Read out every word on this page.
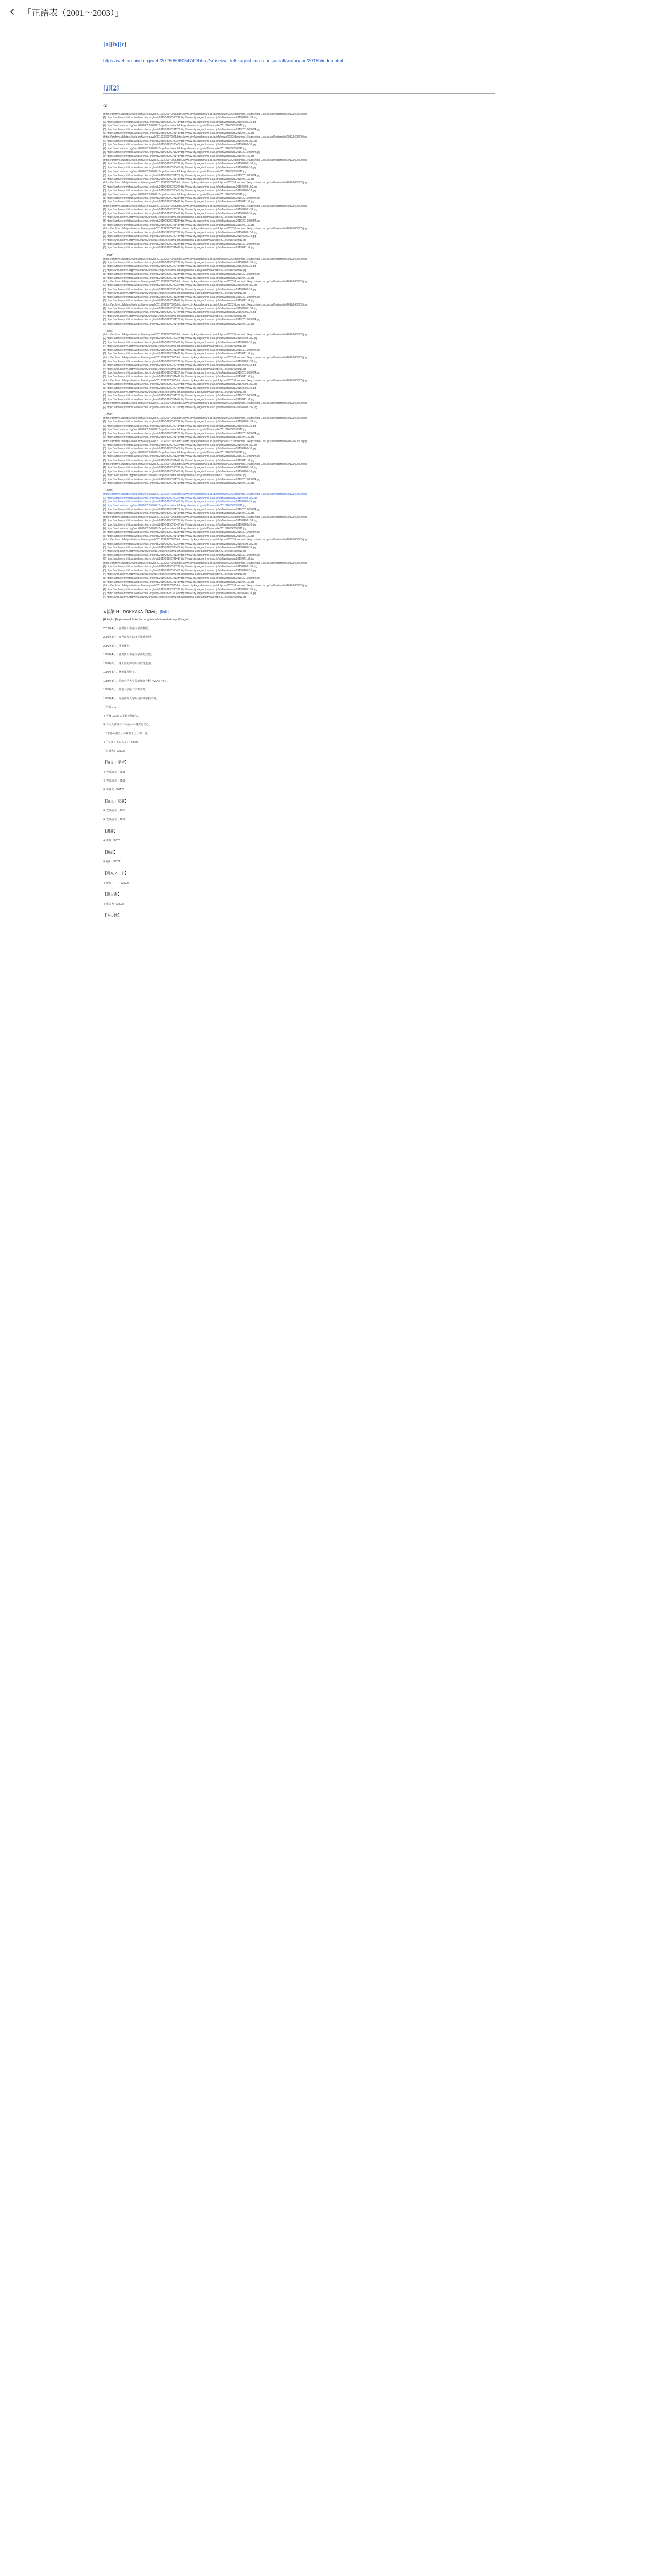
「正語表（2001〜2003）」
[a][b][c]
https://web.archive.org/web/20250506054742/http://seiseiwai.left.kagoshima-u.ac.jp/staff/watanabe/2015b/index.html
[1][2]
①
(https://archive.ph/https://web.archive.org/web/20190329070005/http://www.city.kagoshima-u.ac.jp/info/ippan/0022/document1.kagoshima-u.ac.jp/staff/watanabe/2012/0606/09.jpg)
[2] https://archive.ph/https://web.archive.org/web/20190329070022/http://www.city.kagoshima-u.ac.jp/staff/watanabe/2015/020315/2.jpg
[3] https://archive.ph/https://web.archive.org/web/20190329070043/http://www.city.kagoshima-u.ac.jp/staff/watanabe/2015/0206/10.jpg
[4] https://web.archive.org/web/20190329070101/http://seiseiwai.left.kagoshima-u.ac.jp/staff/watanabe/2015/2015/0303/11.jpg
[5] https://archive.ph/https://web.archive.org/web/20190329070123/http://www.city.kagoshima-u.ac.jp/staff/watanabe/2015/20160303/4.jpg
[6] https://archive.ph/https://web.archive.org/web/20190329070141/http://www.city.kagoshima-u.ac.jp/staff/watanabe/2015/0411/2.jpg
(https://archive.ph/https://web.archive.org/web/20190329070005/http://www.city.kagoshima-u.ac.jp/info/ippan/0022/document1.kagoshima-u.ac.jp/staff/watanabe/2012/0606/09.jpg)
[2] https://archive.ph/https://web.archive.org/web/20190329070022/http://www.city.kagoshima-u.ac.jp/staff/watanabe/2015/020315/2.jpg
[3] https://archive.ph/https://web.archive.org/web/20190329070043/http://www.city.kagoshima-u.ac.jp/staff/watanabe/2015/0206/10.jpg
[4] https://web.archive.org/web/20190329070101/http://seiseiwai.left.kagoshima-u.ac.jp/staff/watanabe/2015/2015/0303/11.jpg
[5] https://archive.ph/https://web.archive.org/web/20190329070123/http://www.city.kagoshima-u.ac.jp/staff/watanabe/2015/20160303/4.jpg
[6] https://archive.ph/https://web.archive.org/web/20190329070141/http://www.city.kagoshima-u.ac.jp/staff/watanabe/2015/0411/2.jpg
(https://archive.ph/https://web.archive.org/web/20190329070005/http://www.city.kagoshima-u.ac.jp/info/ippan/0022/document1.kagoshima-u.ac.jp/staff/watanabe/2012/0606/09.jpg)
[2] https://archive.ph/https://web.archive.org/web/20190329070022/http://www.city.kagoshima-u.ac.jp/staff/watanabe/2015/020315/2.jpg
[3] https://archive.ph/https://web.archive.org/web/20190329070043/http://www.city.kagoshima-u.ac.jp/staff/watanabe/2015/0206/10.jpg
[4] https://web.archive.org/web/20190329070101/http://seiseiwai.left.kagoshima-u.ac.jp/staff/watanabe/2015/2015/0303/11.jpg
[5] https://archive.ph/https://web.archive.org/web/20190329070123/http://www.city.kagoshima-u.ac.jp/staff/watanabe/2015/20160303/4.jpg
[6] https://archive.ph/https://web.archive.org/web/20190329070141/http://www.city.kagoshima-u.ac.jp/staff/watanabe/2015/0411/2.jpg
(https://archive.ph/https://web.archive.org/web/20190329070005/http://www.city.kagoshima-u.ac.jp/info/ippan/0022/document1.kagoshima-u.ac.jp/staff/watanabe/2012/0606/09.jpg)
[2] https://archive.ph/https://web.archive.org/web/20190329070022/http://www.city.kagoshima-u.ac.jp/staff/watanabe/2015/020315/2.jpg
[3] https://archive.ph/https://web.archive.org/web/20190329070043/http://www.city.kagoshima-u.ac.jp/staff/watanabe/2015/0206/10.jpg
[4] https://web.archive.org/web/20190329070101/http://seiseiwai.left.kagoshima-u.ac.jp/staff/watanabe/2015/2015/0303/11.jpg
[5] https://archive.ph/https://web.archive.org/web/20190329070123/http://www.city.kagoshima-u.ac.jp/staff/watanabe/2015/20160303/4.jpg
[6] https://archive.ph/https://web.archive.org/web/20190329070141/http://www.city.kagoshima-u.ac.jp/staff/watanabe/2015/0411/2.jpg
(https://archive.ph/https://web.archive.org/web/20190329070005/http://www.city.kagoshima-u.ac.jp/info/ippan/0022/document1.kagoshima-u.ac.jp/staff/watanabe/2012/0606/09.jpg)
[2] https://archive.ph/https://web.archive.org/web/20190329070022/http://www.city.kagoshima-u.ac.jp/staff/watanabe/2015/020315/2.jpg
[3] https://archive.ph/https://web.archive.org/web/20190329070043/http://www.city.kagoshima-u.ac.jp/staff/watanabe/2015/0206/10.jpg
[4] https://web.archive.org/web/20190329070101/http://seiseiwai.left.kagoshima-u.ac.jp/staff/watanabe/2015/2015/0303/11.jpg
[5] https://archive.ph/https://web.archive.org/web/20190329070123/http://www.city.kagoshima-u.ac.jp/staff/watanabe/2015/20160303/4.jpg
[6] https://archive.ph/https://web.archive.org/web/20190329070141/http://www.city.kagoshima-u.ac.jp/staff/watanabe/2015/0411/2.jpg
(https://archive.ph/https://web.archive.org/web/20190329070005/http://www.city.kagoshima-u.ac.jp/info/ippan/0022/document1.kagoshima-u.ac.jp/staff/watanabe/2012/0606/09.jpg)
[2] https://archive.ph/https://web.archive.org/web/20190329070022/http://www.city.kagoshima-u.ac.jp/staff/watanabe/2015/020315/2.jpg
[3] https://archive.ph/https://web.archive.org/web/20190329070043/http://www.city.kagoshima-u.ac.jp/staff/watanabe/2015/0206/10.jpg
[4] https://web.archive.org/web/20190329070101/http://seiseiwai.left.kagoshima-u.ac.jp/staff/watanabe/2015/2015/0303/11.jpg
[5] https://archive.ph/https://web.archive.org/web/20190329070123/http://www.city.kagoshima-u.ac.jp/staff/watanabe/2015/20160303/4.jpg
[6] https://archive.ph/https://web.archive.org/web/20190329070141/http://www.city.kagoshima-u.ac.jp/staff/watanabe/2015/0411/2.jpg
（-2001）
(https://archive.ph/https://web.archive.org/web/20190329070005/http://www.city.kagoshima-u.ac.jp/info/ippan/0022/document1.kagoshima-u.ac.jp/staff/watanabe/2012/0606/09.jpg)
[2] https://archive.ph/https://web.archive.org/web/20190329070022/http://www.city.kagoshima-u.ac.jp/staff/watanabe/2015/020315/2.jpg
[3] https://archive.ph/https://web.archive.org/web/20190329070043/http://www.city.kagoshima-u.ac.jp/staff/watanabe/2015/0206/10.jpg
[4] https://web.archive.org/web/20190329070101/http://seiseiwai.left.kagoshima-u.ac.jp/staff/watanabe/2015/2015/0303/11.jpg
[5] https://archive.ph/https://web.archive.org/web/20190329070123/http://www.city.kagoshima-u.ac.jp/staff/watanabe/2015/20160303/4.jpg
[6] https://archive.ph/https://web.archive.org/web/20190329070141/http://www.city.kagoshima-u.ac.jp/staff/watanabe/2015/0411/2.jpg
(https://archive.ph/https://web.archive.org/web/20190329070005/http://www.city.kagoshima-u.ac.jp/info/ippan/0022/document1.kagoshima-u.ac.jp/staff/watanabe/2012/0606/09.jpg)
[2] https://archive.ph/https://web.archive.org/web/20190329070022/http://www.city.kagoshima-u.ac.jp/staff/watanabe/2015/020315/2.jpg
[3] https://archive.ph/https://web.archive.org/web/20190329070043/http://www.city.kagoshima-u.ac.jp/staff/watanabe/2015/0206/10.jpg
[4] https://web.archive.org/web/20190329070101/http://seiseiwai.left.kagoshima-u.ac.jp/staff/watanabe/2015/2015/0303/11.jpg
[5] https://archive.ph/https://web.archive.org/web/20190329070123/http://www.city.kagoshima-u.ac.jp/staff/watanabe/2015/20160303/4.jpg
[6] https://archive.ph/https://web.archive.org/web/20190329070141/http://www.city.kagoshima-u.ac.jp/staff/watanabe/2015/0411/2.jpg
(https://archive.ph/https://web.archive.org/web/20190329070005/http://www.city.kagoshima-u.ac.jp/info/ippan/0022/document1.kagoshima-u.ac.jp/staff/watanabe/2012/0606/09.jpg)
[2] https://archive.ph/https://web.archive.org/web/20190329070022/http://www.city.kagoshima-u.ac.jp/staff/watanabe/2015/020315/2.jpg
[3] https://archive.ph/https://web.archive.org/web/20190329070043/http://www.city.kagoshima-u.ac.jp/staff/watanabe/2015/0206/10.jpg
[4] https://web.archive.org/web/20190329070101/http://seiseiwai.left.kagoshima-u.ac.jp/staff/watanabe/2015/2015/0303/11.jpg
[5] https://archive.ph/https://web.archive.org/web/20190329070123/http://www.city.kagoshima-u.ac.jp/staff/watanabe/2015/20160303/4.jpg
[6] https://archive.ph/https://web.archive.org/web/20190329070141/http://www.city.kagoshima-u.ac.jp/staff/watanabe/2015/0411/2.jpg
（-2002）
(https://archive.ph/https://web.archive.org/web/20190329070005/http://www.city.kagoshima-u.ac.jp/info/ippan/0022/document1.kagoshima-u.ac.jp/staff/watanabe/2012/0606/09.jpg)
[2] https://archive.ph/https://web.archive.org/web/20190329070022/http://www.city.kagoshima-u.ac.jp/staff/watanabe/2015/020315/2.jpg
[3] https://archive.ph/https://web.archive.org/web/20190329070043/http://www.city.kagoshima-u.ac.jp/staff/watanabe/2015/0206/10.jpg
[4] https://web.archive.org/web/20190329070101/http://seiseiwai.left.kagoshima-u.ac.jp/staff/watanabe/2015/2015/0303/11.jpg
[5] https://archive.ph/https://web.archive.org/web/20190329070123/http://www.city.kagoshima-u.ac.jp/staff/watanabe/2015/20160303/4.jpg
[6] https://archive.ph/https://web.archive.org/web/20190329070141/http://www.city.kagoshima-u.ac.jp/staff/watanabe/2015/0411/2.jpg
(https://archive.ph/https://web.archive.org/web/20190329070005/http://www.city.kagoshima-u.ac.jp/info/ippan/0022/document1.kagoshima-u.ac.jp/staff/watanabe/2012/0606/09.jpg)
[2] https://archive.ph/https://web.archive.org/web/20190329070022/http://www.city.kagoshima-u.ac.jp/staff/watanabe/2015/020315/2.jpg
[3] https://archive.ph/https://web.archive.org/web/20190329070043/http://www.city.kagoshima-u.ac.jp/staff/watanabe/2015/0206/10.jpg
[4] https://web.archive.org/web/20190329070101/http://seiseiwai.left.kagoshima-u.ac.jp/staff/watanabe/2015/2015/0303/11.jpg
[5] https://archive.ph/https://web.archive.org/web/20190329070123/http://www.city.kagoshima-u.ac.jp/staff/watanabe/2015/20160303/4.jpg
[6] https://archive.ph/https://web.archive.org/web/20190329070141/http://www.city.kagoshima-u.ac.jp/staff/watanabe/2015/0411/2.jpg
(https://archive.ph/https://web.archive.org/web/20190329070005/http://www.city.kagoshima-u.ac.jp/info/ippan/0022/document1.kagoshima-u.ac.jp/staff/watanabe/2012/0606/09.jpg)
[2] https://archive.ph/https://web.archive.org/web/20190329070022/http://www.city.kagoshima-u.ac.jp/staff/watanabe/2015/020315/2.jpg
[3] https://archive.ph/https://web.archive.org/web/20190329070043/http://www.city.kagoshima-u.ac.jp/staff/watanabe/2015/0206/10.jpg
[4] https://web.archive.org/web/20190329070101/http://seiseiwai.left.kagoshima-u.ac.jp/staff/watanabe/2015/2015/0303/11.jpg
[5] https://archive.ph/https://web.archive.org/web/20190329070123/http://www.city.kagoshima-u.ac.jp/staff/watanabe/2015/20160303/4.jpg
[6] https://archive.ph/https://web.archive.org/web/20190329070141/http://www.city.kagoshima-u.ac.jp/staff/watanabe/2015/0411/2.jpg
(https://archive.ph/https://web.archive.org/web/20190329070005/http://www.city.kagoshima-u.ac.jp/info/ippan/0022/document1.kagoshima-u.ac.jp/staff/watanabe/2012/0606/09.jpg)
[2] https://archive.ph/https://web.archive.org/web/20190329070022/http://www.city.kagoshima-u.ac.jp/staff/watanabe/2015/020315/2.jpg
（-2003）
(https://archive.ph/https://web.archive.org/web/20190329070005/http://www.city.kagoshima-u.ac.jp/info/ippan/0022/document1.kagoshima-u.ac.jp/staff/watanabe/2012/0606/09.jpg)
[2] https://archive.ph/https://web.archive.org/web/20190329070022/http://www.city.kagoshima-u.ac.jp/staff/watanabe/2015/020315/2.jpg
[3] https://archive.ph/https://web.archive.org/web/20190329070043/http://www.city.kagoshima-u.ac.jp/staff/watanabe/2015/0206/10.jpg
[4] https://web.archive.org/web/20190329070101/http://seiseiwai.left.kagoshima-u.ac.jp/staff/watanabe/2015/2015/0303/11.jpg
[5] https://archive.ph/https://web.archive.org/web/20190329070123/http://www.city.kagoshima-u.ac.jp/staff/watanabe/2015/20160303/4.jpg
[6] https://archive.ph/https://web.archive.org/web/20190329070141/http://www.city.kagoshima-u.ac.jp/staff/watanabe/2015/0411/2.jpg
(https://archive.ph/https://web.archive.org/web/20190329070005/http://www.city.kagoshima-u.ac.jp/info/ippan/0022/document1.kagoshima-u.ac.jp/staff/watanabe/2012/0606/09.jpg)
[2] https://archive.ph/https://web.archive.org/web/20190329070022/http://www.city.kagoshima-u.ac.jp/staff/watanabe/2015/020315/2.jpg
[3] https://archive.ph/https://web.archive.org/web/20190329070043/http://www.city.kagoshima-u.ac.jp/staff/watanabe/2015/0206/10.jpg
[4] https://web.archive.org/web/20190329070101/http://seiseiwai.left.kagoshima-u.ac.jp/staff/watanabe/2015/2015/0303/11.jpg
[5] https://archive.ph/https://web.archive.org/web/20190329070123/http://www.city.kagoshima-u.ac.jp/staff/watanabe/2015/20160303/4.jpg
[6] https://archive.ph/https://web.archive.org/web/20190329070141/http://www.city.kagoshima-u.ac.jp/staff/watanabe/2015/0411/2.jpg
(https://archive.ph/https://web.archive.org/web/20190329070005/http://www.city.kagoshima-u.ac.jp/info/ippan/0022/document1.kagoshima-u.ac.jp/staff/watanabe/2012/0606/09.jpg)
[2] https://archive.ph/https://web.archive.org/web/20190329070022/http://www.city.kagoshima-u.ac.jp/staff/watanabe/2015/020315/2.jpg
[3] https://archive.ph/https://web.archive.org/web/20190329070043/http://www.city.kagoshima-u.ac.jp/staff/watanabe/2015/0206/10.jpg
[4] https://web.archive.org/web/20190329070101/http://seiseiwai.left.kagoshima-u.ac.jp/staff/watanabe/2015/2015/0303/11.jpg
[5] https://archive.ph/https://web.archive.org/web/20190329070123/http://www.city.kagoshima-u.ac.jp/staff/watanabe/2015/20160303/4.jpg
[6] https://archive.ph/https://web.archive.org/web/20190329070141/http://www.city.kagoshima-u.ac.jp/staff/watanabe/2015/0411/2.jpg
（-2004）
(https://archive.ph/https://web.archive.org/web/20190329070005/http://www.city.kagoshima-u.ac.jp/info/ippan/0022/document1.kagoshima-u.ac.jp/staff/watanabe/2012/0606/09.jpg)
[2] https://archive.ph/https://web.archive.org/web/20190329070022/http://www.city.kagoshima-u.ac.jp/staff/watanabe/2015/020315/2.jpg
[3] https://archive.ph/https://web.archive.org/web/20190329070043/http://www.city.kagoshima-u.ac.jp/staff/watanabe/2015/0206/10.jpg
[4] https://web.archive.org/web/20190329070101/http://seiseiwai.left.kagoshima-u.ac.jp/staff/watanabe/2015/2015/0303/11.jpg
[5] https://archive.ph/https://web.archive.org/web/20190329070123/http://www.city.kagoshima-u.ac.jp/staff/watanabe/2015/20160303/4.jpg
[6] https://archive.ph/https://web.archive.org/web/20190329070141/http://www.city.kagoshima-u.ac.jp/staff/watanabe/2015/0411/2.jpg
(https://archive.ph/https://web.archive.org/web/20190329070005/http://www.city.kagoshima-u.ac.jp/info/ippan/0022/document1.kagoshima-u.ac.jp/staff/watanabe/2012/0606/09.jpg)
[2] https://archive.ph/https://web.archive.org/web/20190329070022/http://www.city.kagoshima-u.ac.jp/staff/watanabe/2015/020315/2.jpg
[3] https://archive.ph/https://web.archive.org/web/20190329070043/http://www.city.kagoshima-u.ac.jp/staff/watanabe/2015/0206/10.jpg
[4] https://web.archive.org/web/20190329070101/http://seiseiwai.left.kagoshima-u.ac.jp/staff/watanabe/2015/2015/0303/11.jpg
[5] https://archive.ph/https://web.archive.org/web/20190329070123/http://www.city.kagoshima-u.ac.jp/staff/watanabe/2015/20160303/4.jpg
[6] https://archive.ph/https://web.archive.org/web/20190329070141/http://www.city.kagoshima-u.ac.jp/staff/watanabe/2015/0411/2.jpg
(https://archive.ph/https://web.archive.org/web/20190329070005/http://www.city.kagoshima-u.ac.jp/info/ippan/0022/document1.kagoshima-u.ac.jp/staff/watanabe/2012/0606/09.jpg)
[2] https://archive.ph/https://web.archive.org/web/20190329070022/http://www.city.kagoshima-u.ac.jp/staff/watanabe/2015/020315/2.jpg
[3] https://archive.ph/https://web.archive.org/web/20190329070043/http://www.city.kagoshima-u.ac.jp/staff/watanabe/2015/0206/10.jpg
[4] https://web.archive.org/web/20190329070101/http://seiseiwai.left.kagoshima-u.ac.jp/staff/watanabe/2015/2015/0303/11.jpg
[5] https://archive.ph/https://web.archive.org/web/20190329070123/http://www.city.kagoshima-u.ac.jp/staff/watanabe/2015/20160303/4.jpg
[6] https://archive.ph/https://web.archive.org/web/20190329070141/http://www.city.kagoshima-u.ac.jp/staff/watanabe/2015/0411/2.jpg
(https://archive.ph/https://web.archive.org/web/20190329070005/http://www.city.kagoshima-u.ac.jp/info/ippan/0022/document1.kagoshima-u.ac.jp/staff/watanabe/2012/0606/09.jpg)
[2] https://archive.ph/https://web.archive.org/web/20190329070022/http://www.city.kagoshima-u.ac.jp/staff/watanabe/2015/020315/2.jpg
[3] https://archive.ph/https://web.archive.org/web/20190329070043/http://www.city.kagoshima-u.ac.jp/staff/watanabe/2015/0206/10.jpg
[4] https://web.archive.org/web/20190329070101/http://seiseiwai.left.kagoshima-u.ac.jp/staff/watanabe/2015/2015/0303/11.jpg
[5] https://archive.ph/https://web.archive.org/web/20190329070123/http://www.city.kagoshima-u.ac.jp/staff/watanabe/2015/20160303/4.jpg
[6] https://archive.ph/https://web.archive.org/web/20190329070141/http://www.city.kagoshima-u.ac.jp/staff/watanabe/2015/0411/2.jpg
(https://archive.ph/https://web.archive.org/web/20190329070005/http://www.city.kagoshima-u.ac.jp/info/ippan/0022/document1.kagoshima-u.ac.jp/staff/watanabe/2012/0606/09.jpg)
[2] https://archive.ph/https://web.archive.org/web/20190329070022/http://www.city.kagoshima-u.ac.jp/staff/watanabe/2015/020315/2.jpg
[3] https://archive.ph/https://web.archive.org/web/20190329070043/http://www.city.kagoshima-u.ac.jp/staff/watanabe/2015/0206/10.jpg
[4] https://web.archive.org/web/20190329070101/http://seiseiwai.left.kagoshima-u.ac.jp/staff/watanabe/2015/2015/0303/11.jpg
※執筆 H：ROKKAKA『Kiwi』 [link]
[H:English]https://www1.lit.kochi-u.ac.jp/socio/ohtsuka/article.pdf?page=1
2012年4月〜鹿児島大学法文学部教授。
2005年4月〜鹿児島大学法文学部准教授。
2000年4月、博士後期。
1999年4月〜鹿児島大学法文学部助教授。
1999年3月、博士後期課程単位取得退学。
1996年3月、修士課程修了。
1993年4月、筑波大学大学院地域研究科（M.A.）修了。
1993年3月、筑波大学第三学群卒業。
1993年4月、九州産業大学附属高等学校卒業。
（所属リスト）
※ 専修における業績を掲げる。
※ 外国人作家の日本語への翻訳を含む。
『「本書の著者」の執筆した図書一覧』
※「文書とその人々」（2000）
『正誤表』（2023）
【論文・学術】
※ 査読論文（2015）
※ 査読論文（2016）
※ 本論文（2017）
【論文・紀要】
※ 査読論文（2018）
※ 査読論文（2019）
【書評】
※ 書評（2020）
【翻訳】
※ 翻訳（2021）
【研究ノート】
※ 研究ノート（2022）
【報告書】
※ 報告書（2023）
【その他】
